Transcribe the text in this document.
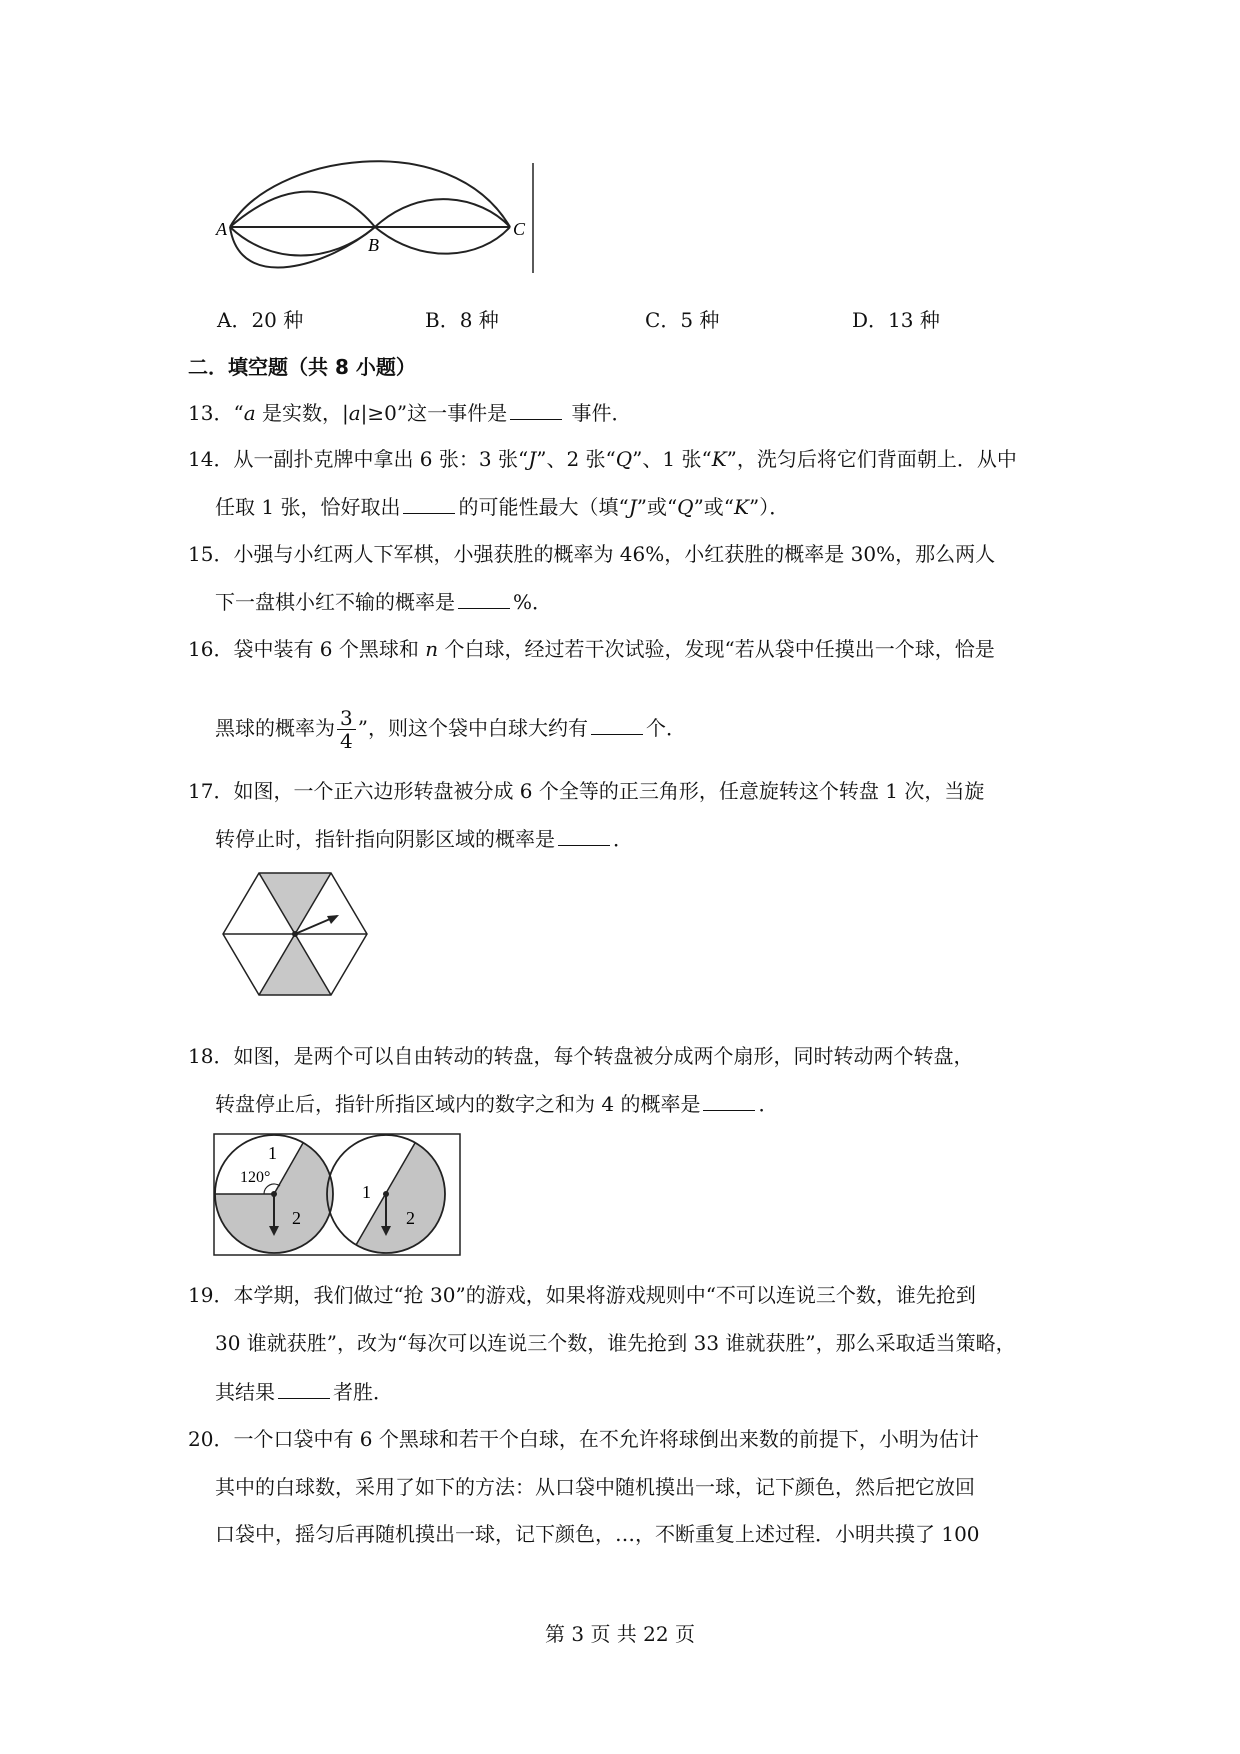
A
B
C
A．20 种	B．8 种	C．5 种	D．13 种
二．填空题（共 8 小题）
13．“a 是实数，|a|≥0”这一事件是	事件．
14．从一副扑克牌中拿出 6 张：3 张“J”、2 张“Q”、1 张“K”，洗匀后将它们背面朝上．从中
任取 1 张，恰好取出	的可能性最大（填“J”或“Q”或“K”）．
15．小强与小红两人下军棋，小强获胜的概率为 46%，小红获胜的概率是 30%，那么两人
下一盘棋小红不输的概率是	%．
16．袋中装有 6 个黑球和 n 个白球，经过若干次试验，发现“若从袋中任摸出一个球，恰是
黑球的概率为 $\frac{3}{4}$ ”，则这个袋中白球大约有	个．
17．如图，一个正六边形转盘被分成 6 个全等的正三角形，任意旋转这个转盘 1 次，当旋
转停止时，指针指向阴影区域的概率是	．
18．如图，是两个可以自由转动的转盘，每个转盘被分成两个扇形，同时转动两个转盘，
转盘停止后，指针所指区域内的数字之和为 4 的概率是	．
1
120°
2
1
2
19．本学期，我们做过“抢 30”的游戏，如果将游戏规则中“不可以连说三个数，谁先抢到
30 谁就获胜”，改为“每次可以连说三个数，谁先抢到 33 谁就获胜”，那么采取适当策略，
其结果	者胜．
20．一个口袋中有 6 个黑球和若干个白球，在不允许将球倒出来数的前提下，小明为估计
其中的白球数，采用了如下的方法：从口袋中随机摸出一球，记下颜色，然后把它放回
口袋中，摇匀后再随机摸出一球，记下颜色，…，不断重复上述过程．小明共摸了 100
第 3 页 共 22 页
